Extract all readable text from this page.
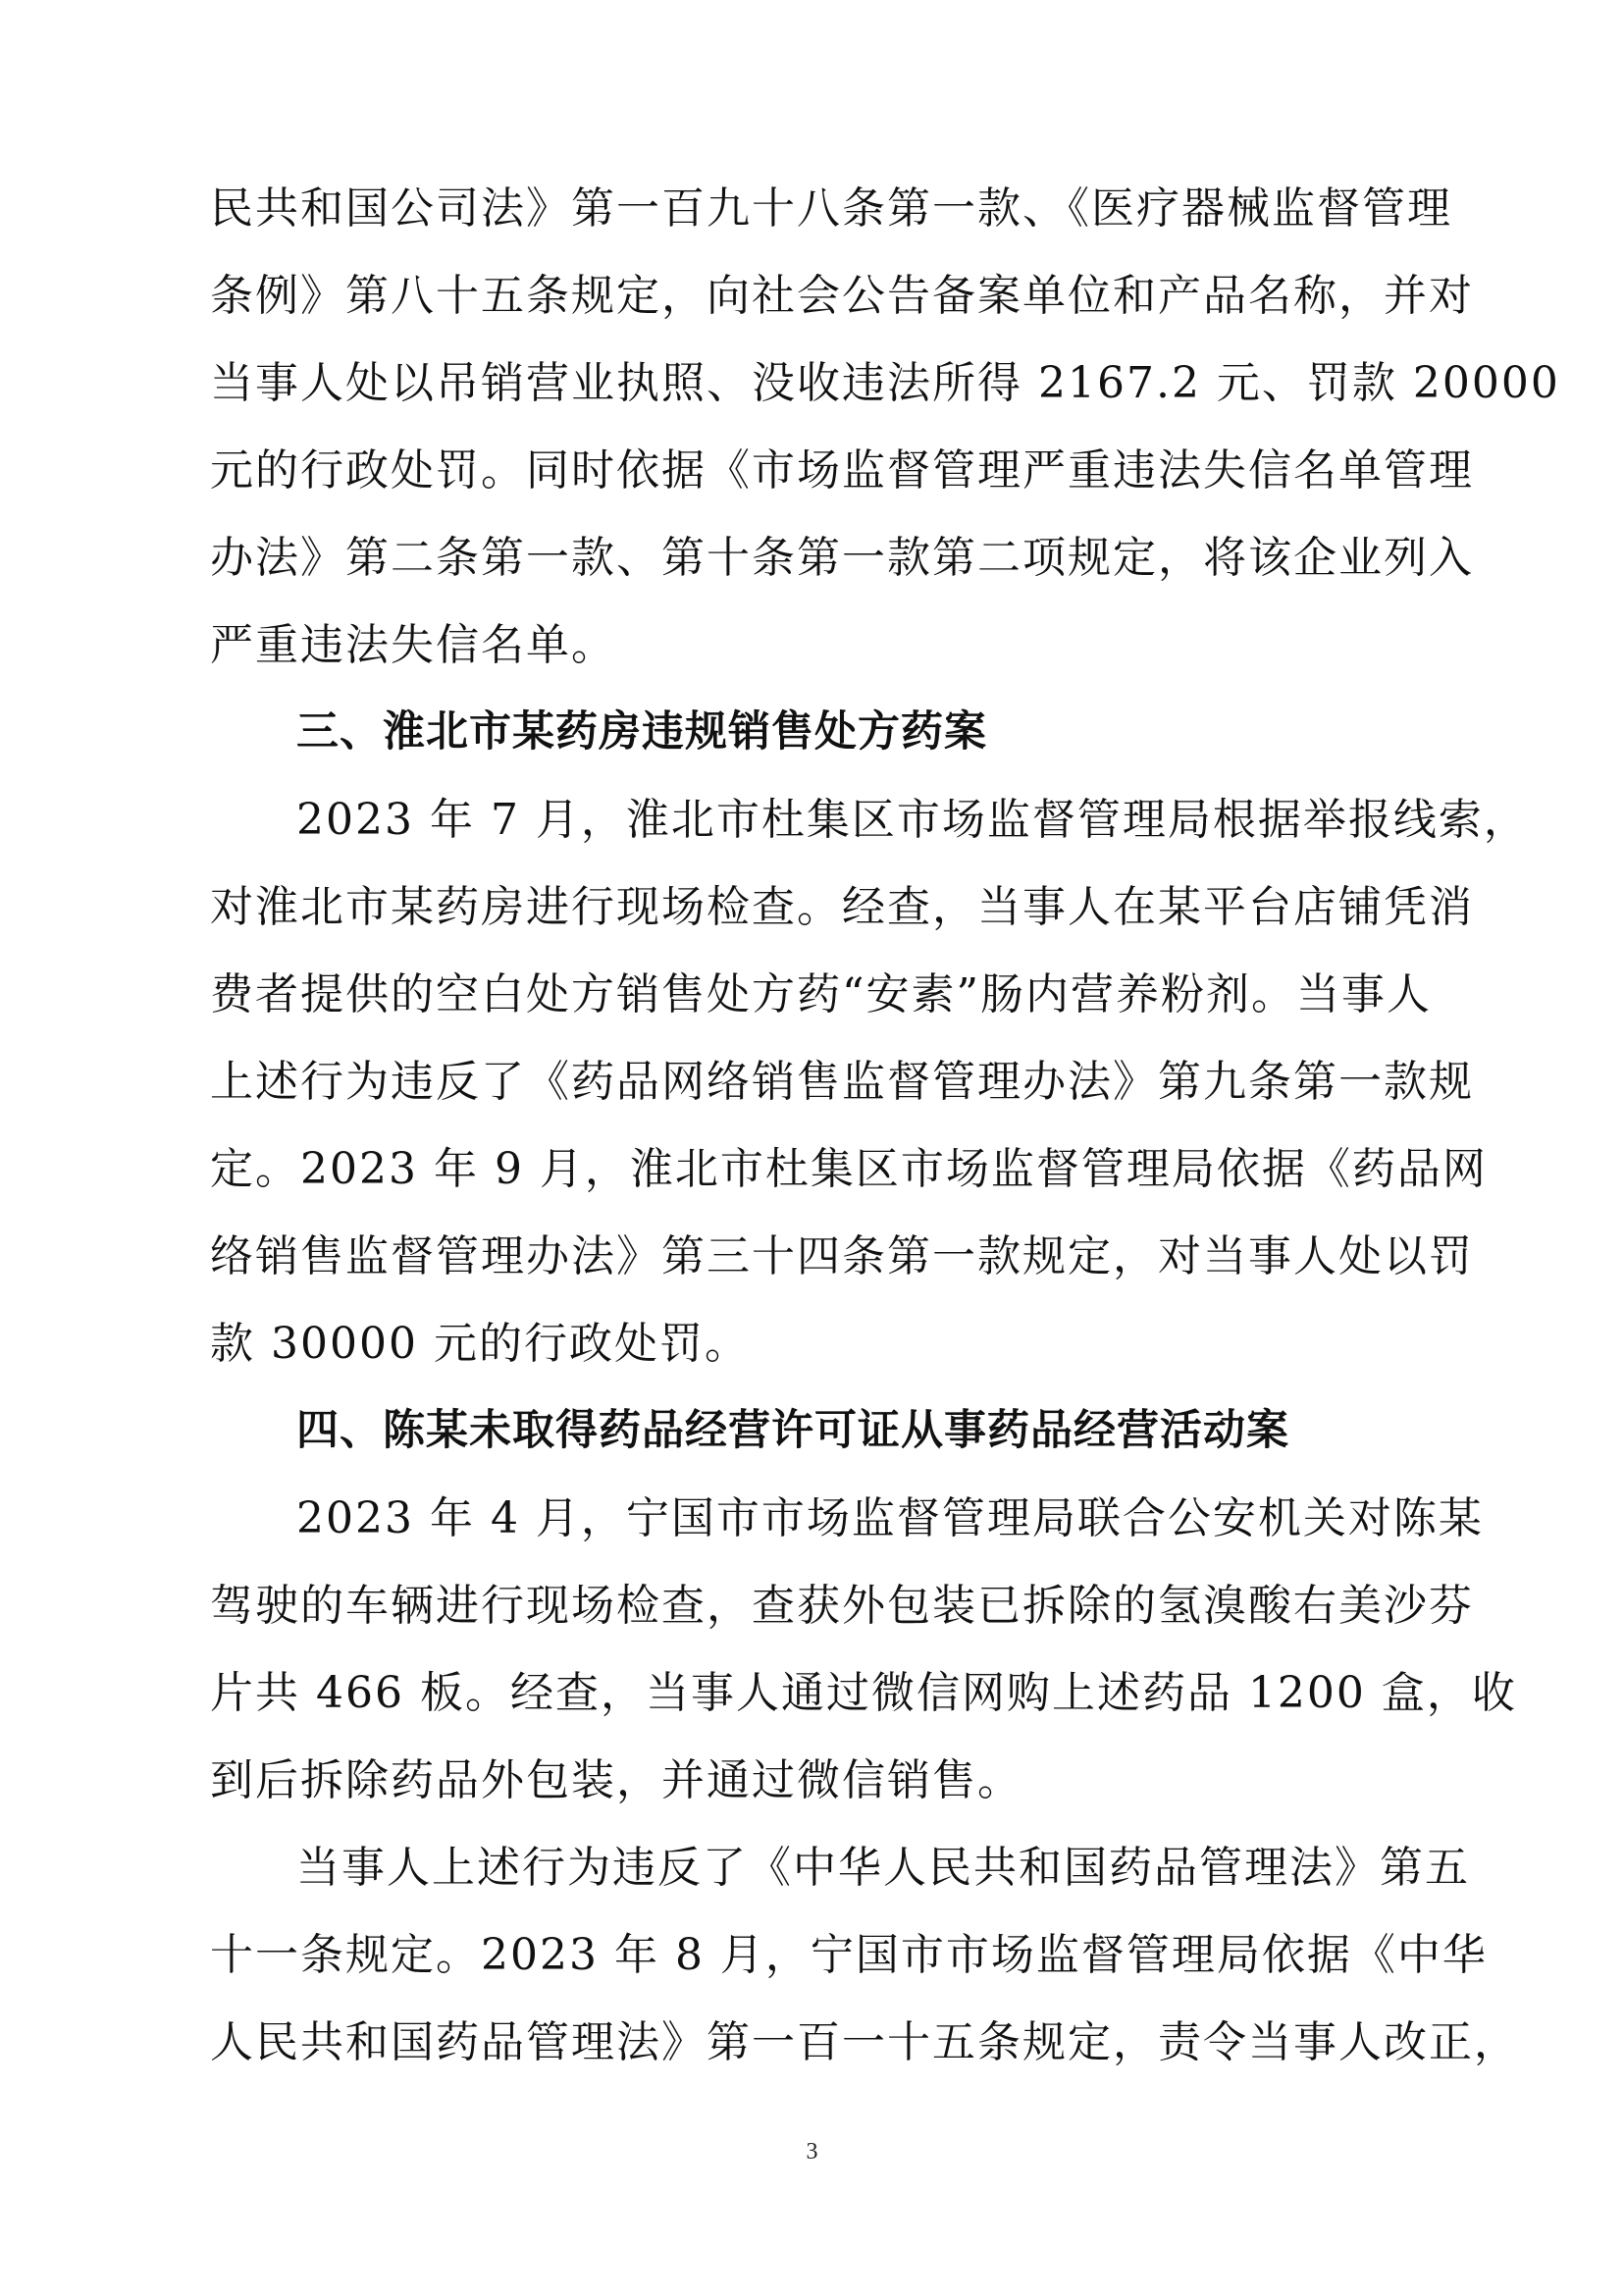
民共和国公司法》第一百九十八条第一款、《医疗器械监督管理
条例》第八十五条规定，向社会公告备案单位和产品名称，并对
当事人处以吊销营业执照、没收违法所得 2167.2 元、罚款 20000
元的行政处罚。同时依据《市场监督管理严重违法失信名单管理
办法》第二条第一款、第十条第一款第二项规定，将该企业列入
严重违法失信名单。
三、淮北市某药房违规销售处方药案
2023 年 7 月，淮北市杜集区市场监督管理局根据举报线索，
对淮北市某药房进行现场检查。经查，当事人在某平台店铺凭消
费者提供的空白处方销售处方药“安素”肠内营养粉剂。当事人
上述行为违反了《药品网络销售监督管理办法》第九条第一款规
定。2023 年 9 月，淮北市杜集区市场监督管理局依据《药品网
络销售监督管理办法》第三十四条第一款规定，对当事人处以罚
款 30000 元的行政处罚。
四、陈某未取得药品经营许可证从事药品经营活动案
2023 年 4 月，宁国市市场监督管理局联合公安机关对陈某
驾驶的车辆进行现场检查，查获外包装已拆除的氢溴酸右美沙芬
片共 466 板。经查，当事人通过微信网购上述药品 1200 盒，收
到后拆除药品外包装，并通过微信销售。
当事人上述行为违反了《中华人民共和国药品管理法》第五
十一条规定。2023 年 8 月，宁国市市场监督管理局依据《中华
人民共和国药品管理法》第一百一十五条规定，责令当事人改正，
3
